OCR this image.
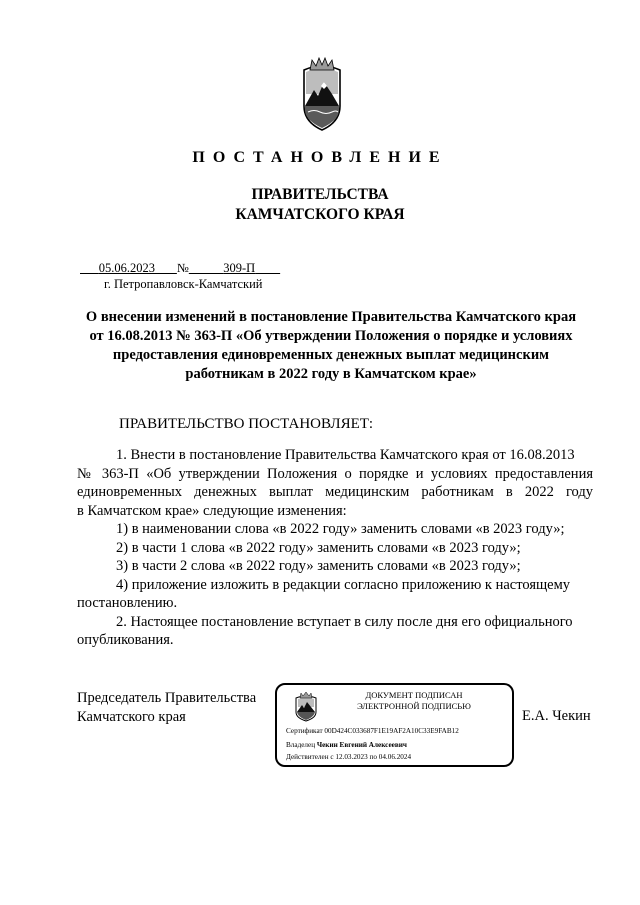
ПОСТАНОВЛЕНИЕ
ПРАВИТЕЛЬСТВА
КАМЧАТСКОГО КРАЯ
05.06.2023 №	309-П
г. Петропавловск-Камчатский
О внесении изменений в постановление Правительства Камчатского края
от 16.08.2013 № 363-П «Об утверждении Положения о порядке и условиях
предоставления единовременных денежных выплат медицинским
работникам в 2022 году в Камчатском крае»
ПРАВИТЕЛЬСТВО ПОСТАНОВЛЯЕТ:
1. Внести в постановление Правительства Камчатского края от 16.08.2013
№ 363-П «Об утверждении Положения о порядке и условиях предоставления
единовременных денежных выплат медицинским работникам в 2022 году
в Камчатском крае» следующие изменения:
1) в наименовании слова «в 2022 году» заменить словами «в 2023 году»;
2) в части 1 слова «в 2022 году» заменить словами «в 2023 году»;
3) в части 2 слова «в 2022 году» заменить словами «в 2023 году»;
4) приложение изложить в редакции согласно приложению к настоящему
постановлению.
2. Настоящее постановление вступает в силу после дня его официального
опубликования.
Председатель Правительства
Камчатского края
ДОКУМЕНТ ПОДПИСАН
ЭЛЕКТРОННОЙ ПОДПИСЬЮ
Сертификат 00D424C033687F1E19AF2A10C33E9FAB12
Владелец Чекин Евгений Алексеевич
Действителен с 12.03.2023 по 04.06.2024
Е.А. Чекин
